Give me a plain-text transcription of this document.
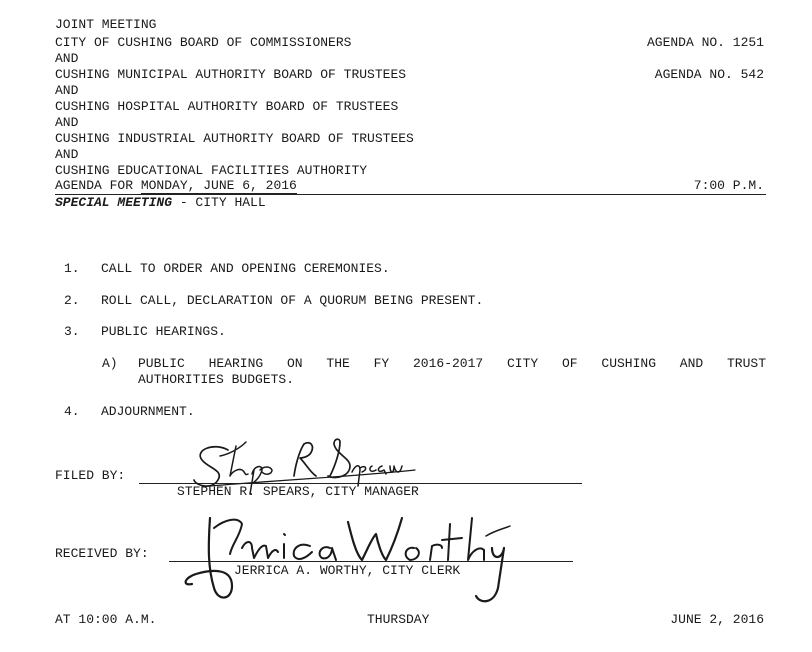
JOINT MEETING
CITY OF CUSHING BOARD OF COMMISSIONERS	AGENDA NO. 1251
AND
CUSHING MUNICIPAL AUTHORITY BOARD OF TRUSTEES	AGENDA NO. 542
AND
CUSHING HOSPITAL AUTHORITY BOARD OF TRUSTEES
AND
CUSHING INDUSTRIAL AUTHORITY BOARD OF TRUSTEES
AND
CUSHING EDUCATIONAL FACILITIES AUTHORITY
AGENDA FOR MONDAY, JUNE 6, 2016	7:00 P.M.
SPECIAL MEETING - CITY HALL
1. CALL TO ORDER AND OPENING CEREMONIES.
2. ROLL CALL, DECLARATION OF A QUORUM BEING PRESENT.
3. PUBLIC HEARINGS.
A) PUBLIC HEARING ON THE FY 2016-2017 CITY OF CUSHING AND TRUST
AUTHORITIES BUDGETS.
4. ADJOURNMENT.
FILED BY:
STEPHEN R. SPEARS, CITY MANAGER
RECEIVED BY:
JERRICA A. WORTHY, CITY CLERK
AT 10:00 A.M.	THURSDAY	JUNE 2, 2016
